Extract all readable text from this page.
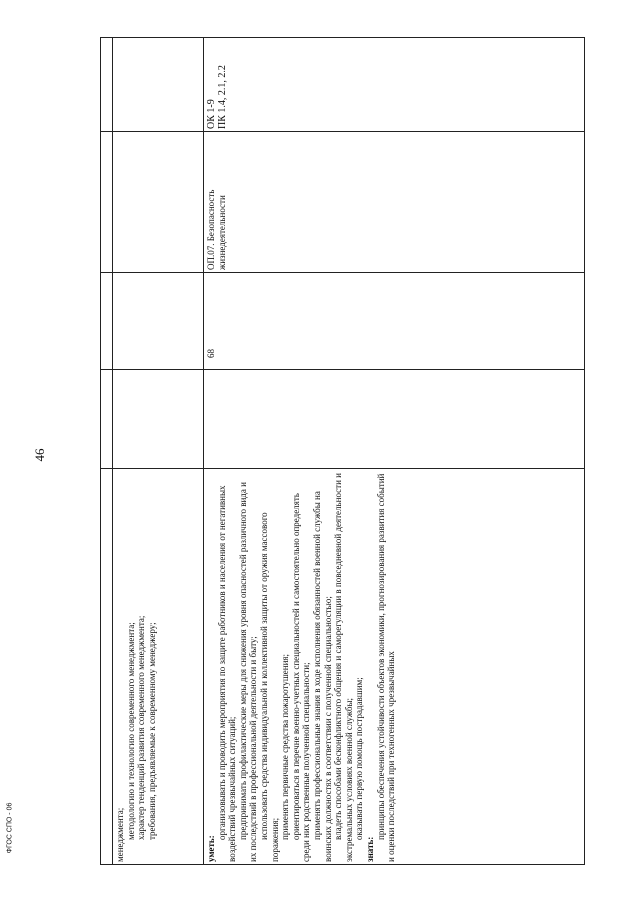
46
ФГОС СПО - 06	менеджмента; методологию и технологию современного менеджмента; характер тенденций развития современного менеджмента; требования, предъявляемые к современному менеджеру;
уметь:
организовывать и проводить мероприятия по защите работников и населения от негативных воздействий чрезвычайных ситуаций; предпринимать профилактические меры для снижения уровня опасностей различного вида и их последствий в профессиональной деятельности и быту; использовать средства индивидуальной и коллективной защиты от оружия массового поражения; применять первичные средства пожаротушения; ориентироваться в перечне военно-учетных специальностей и самостоятельно определять среди них родственные полученной специальности; применять профессиональные знания в ходе исполнения обязанностей военной службы на воинских должностях в соответствии с полученной специальностью; владеть способами бесконфликтного общения и саморегуляции в повседневной деятельности и экстремальных условиях военной службы; оказывать первую помощь пострадавшим;
знать:
принципы обеспечения устойчивости объектов экономики, прогнозирования развития событий и оценки последствий при техногенных чрезвычайных
68
ОП.07. Безопасность жизнедеятельности
ОК 1-9 ПК 1.4, 2.1, 2.2
